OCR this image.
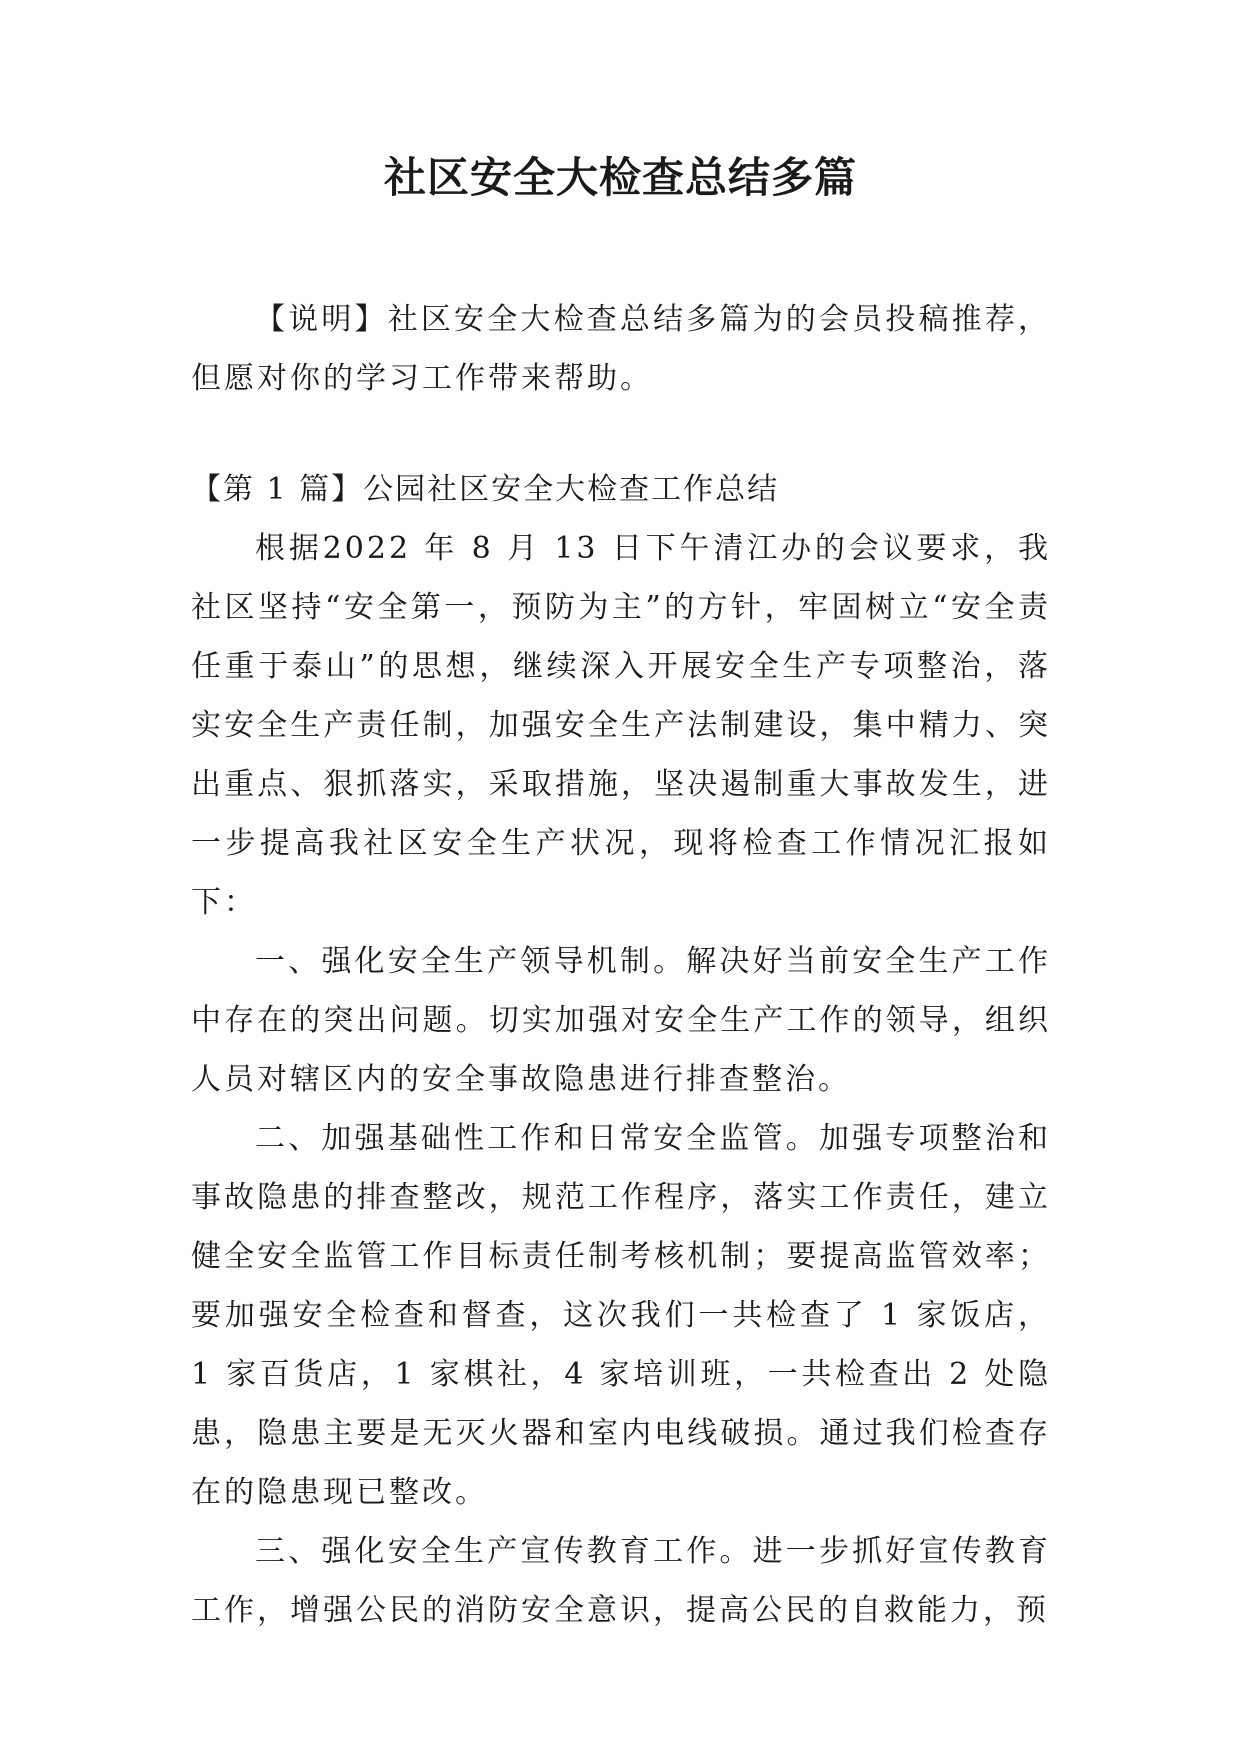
社区安全大检查总结多篇

【说明】社区安全大检查总结多篇为的会员投稿推荐，但愿对你的学习工作带来帮助。

【第 1 篇】公园社区安全大检查工作总结

根据2022 年 8 月 13 日下午清江办的会议要求，我社区坚持“安全第一，预防为主”的方针，牢固树立“安全责任重于泰山”的思想，继续深入开展安全生产专项整治，落实安全生产责任制，加强安全生产法制建设，集中精力、突出重点、狠抓落实，采取措施，坚决遏制重大事故发生，进一步提高我社区安全生产状况，现将检查工作情况汇报如下：

一、强化安全生产领导机制。解决好当前安全生产工作中存在的突出问题。切实加强对安全生产工作的领导，组织人员对辖区内的安全事故隐患进行排查整治。

二、加强基础性工作和日常安全监管。加强专项整治和事故隐患的排查整改，规范工作程序，落实工作责任，建立健全安全监管工作目标责任制考核机制；要提高监管效率；要加强安全检查和督查，这次我们一共检查了 1 家饭店，1 家百货店，1 家棋社，4 家培训班，一共检查出 2 处隐患，隐患主要是无灭火器和室内电线破损。通过我们检查存在的隐患现已整改。

三、强化安全生产宣传教育工作。进一步抓好宣传教育工作，增强公民的消防安全意识，提高公民的自救能力，预
